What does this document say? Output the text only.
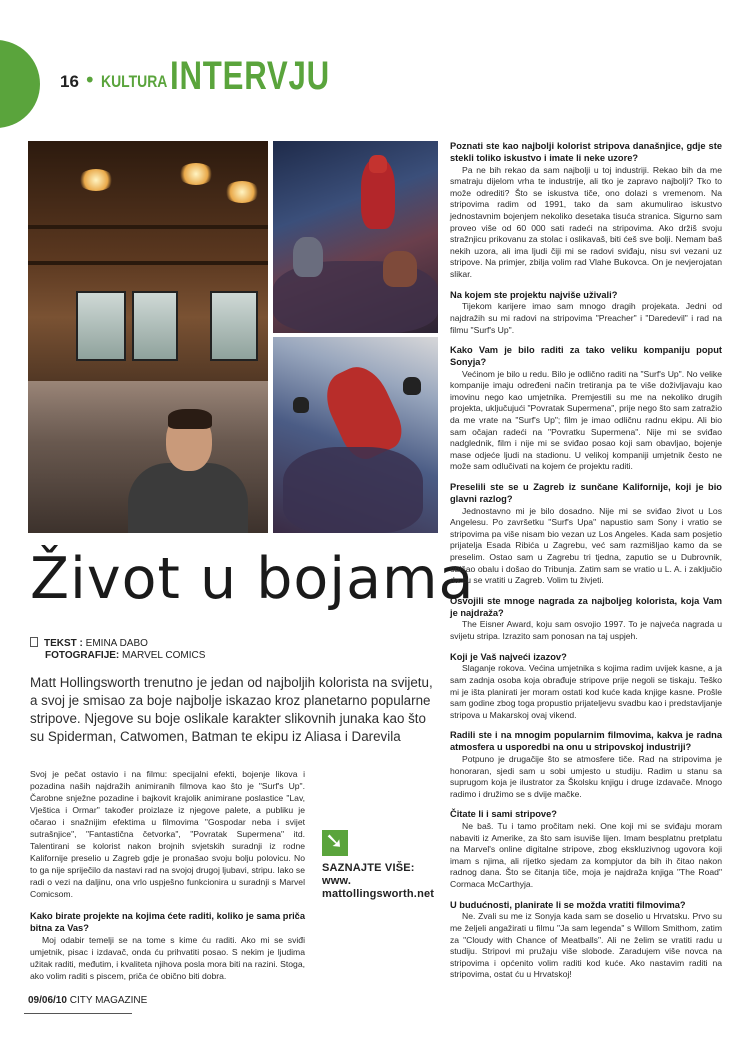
16 • KULTURA INTERVJU
Život u bojama
TEKST : EMINA DABO
FOTOGRAFIJE: MARVEL COMICS

Matt Hollingsworth trenutno je jedan od najboljih kolorista na svijetu, a svoj je smisao za boje najbolje iskazao kroz planetarno popularne stripove. Njegove su boje oslikale karakter slikovnih junaka kao što su Spiderman, Catwomen, Batman te ekipu iz Aliasa i Darevila

Svoj je pečat ostavio i na filmu: specijalni efekti, bojenje likova i pozadina naših najdražih animiranih filmova kao što je "Surf's Up". Čarobne snježne pozadine i bajkovit krajolik animirane poslastice "Lav, Vještica i Ormar" također proizlaze iz njegove palete, a publiku je očarao i snažnijim efektima u filmovima "Gospodar neba i svijet sutrašnjice", "Fantastična četvorka", "Povratak Supermena" itd. Talentirani se kolorist nakon brojnih svjetskih suradnji iz rodne Kalifornije preselio u Zagreb gdje je pronašao svoju bolju polovicu. No to ga nije spriječilo da nastavi rad na svojoj drugoj ljubavi, stripu. Iako se radi o vezi na daljinu, ona vrlo uspješno funkcionira u suradnji s Marvel Comicsom.

Kako birate projekte na kojima ćete raditi, koliko je sama priča bitna za Vas?

Moj odabir temelji se na tome s kime ću raditi. Ako mi se sviđi umjetnik, pisac i izdavač, onda ću prihvatiti posao. S nekim je ljudima užitak raditi, međutim, i kvaliteta njihova posla mora biti na razini. Stoga, ako volim raditi s piscem, priča će obično biti dobra.

➘
SAZNAJTE VIŠE: www.
mattollingsworth.net

Poznati ste kao najbolji kolorist stripova današnjice, gdje ste stekli toliko iskustvo i imate li neke uzore?

Pa ne bih rekao da sam najbolji u toj industriji. Rekao bih da me smatraju dijelom vrha te industrije, ali tko je zapravo najbolji? Tko to može odrediti? Što se iskustva tiče, ono dolazi s vremenom. Na stripovima radim od 1991, tako da sam akumulirao iskustvo jednostavnim bojenjem nekoliko desetaka tisuća stranica. Sigurno sam proveo više od 60 000 sati radeći na stripovima. Ako držiš svoju stražnjicu prikovanu za stolac i oslikavaš, biti ćeš sve bolji. Nemam baš nekih uzora, ali ima ljudi čiji mi se radovi sviđaju, nisu svi vezani uz stripove. Na primjer, zbilja volim rad Vlahe Bukovca. On je nevjerojatan slikar.

Na kojem ste projektu najviše uživali?

Tijekom karijere imao sam mnogo dragih projekata. Jedni od najdražih su mi radovi na stripovima "Preacher" i "Daredevil" i rad na filmu "Surf's Up".

Kako Vam je bilo raditi za tako veliku kompaniju poput Sonyja?

Većinom je bilo u redu. Bilo je odlično raditi na "Surf's Up". No velike kompanije imaju određeni način tretiranja pa te više doživljavaju kao imovinu nego kao umjetnika. Premjestili su me na nekoliko drugih projekta, uključujući "Povratak Supermena", prije nego što sam zatražio da me vrate na "Surf's Up"; film je imao odličnu radnu ekipu. Ali bio sam očajan radeći na "Povratku Supermena". Nije mi se sviđao nadglednik, film i nije mi se sviđao posao koji sam obavljao, bojenje mase odjeće ljudi na stadionu. U velikoj kompaniji umjetnik često ne može sam odlučivati na kojem će projektu raditi.

Preselili ste se u Zagreb iz sunčane Kalifornije, koji je bio glavni razlog?

Jednostavno mi je bilo dosadno. Nije mi se sviđao život u Los Angelesu. Po završetku "Surf's Upa" napustio sam Sony i vratio se stripovima pa više nisam bio vezan uz Los Angeles. Kada sam posjetio prijatelja Esada Ribića u Zagrebu, već sam razmišljao kamo da se preselim. Ostao sam u Zagrebu tri tjedna, zaputio se u Dubrovnik, obišao obalu i došao do Tribunja. Zatim sam se vratio u L. A. i zaključio da ću se vratiti u Zagreb. Volim tu živjeti.

Osvojili ste mnoge nagrada za najboljeg kolorista, koja Vam je najdraža?

The Eisner Award, koju sam osvojio 1997. To je najveća nagrada u svijetu stripa. Izrazito sam ponosan na taj uspjeh.

Koji je Vaš najveći izazov?

Slaganje rokova. Većina umjetnika s kojima radim uvijek kasne, a ja sam zadnja osoba koja obrađuje stripove prije negoli se tiskaju. Teško mi je išta planirati jer moram ostati kod kuće kada knjige kasne. Prošle sam godine zbog toga propustio prijateljevu svadbu kao i predstavljanje stripova u Makarskoj ovaj vikend.

Radili ste i na mnogim popularnim filmovima, kakva je radna atmosfera u usporedbi na onu u stripovskoj industriji?

Potpuno je drugačije što se atmosfere tiče. Rad na stripovima je honoraran, sjedi sam u sobi umjesto u studiju. Radim u stanu sa suprugom koja je ilustrator za Školsku knjigu i druge izdavače. Mnogo radimo i družimo se s dvije mačke.

Čitate li i sami stripove?

Ne baš. Tu i tamo pročitam neki. One koji mi se sviđaju moram nabaviti iz Amerike, za što sam isuviše lijen. Imam besplatnu pretplatu na Marvel's online digitalne stripove, zbog ekskluzivnog ugovora koji imam s njima, ali rijetko sjedam za kompjutor da bih ih čitao nakon radnog dana. Što se čitanja tiče, moja je najdraža knjiga "The Road" Cormaca McCarthyja.

U budućnosti, planirate li se možda vratiti filmovima?

Ne. Zvali su me iz Sonyja kada sam se doselio u Hrvatsku. Prvo su me željeli angažirati u filmu "Ja sam legenda" s Willom Smithom, zatim za "Cloudy with Chance of Meatballs". Ali ne želim se vratiti radu u studiju. Stripovi mi pružaju više slobode. Zaradujem više novca na stripovima i općenito volim raditi kod kuće. Ako nastavim raditi na stripovima, ostat ću u Hrvatskoj!

09/06/10 CITY MAGAZINE
